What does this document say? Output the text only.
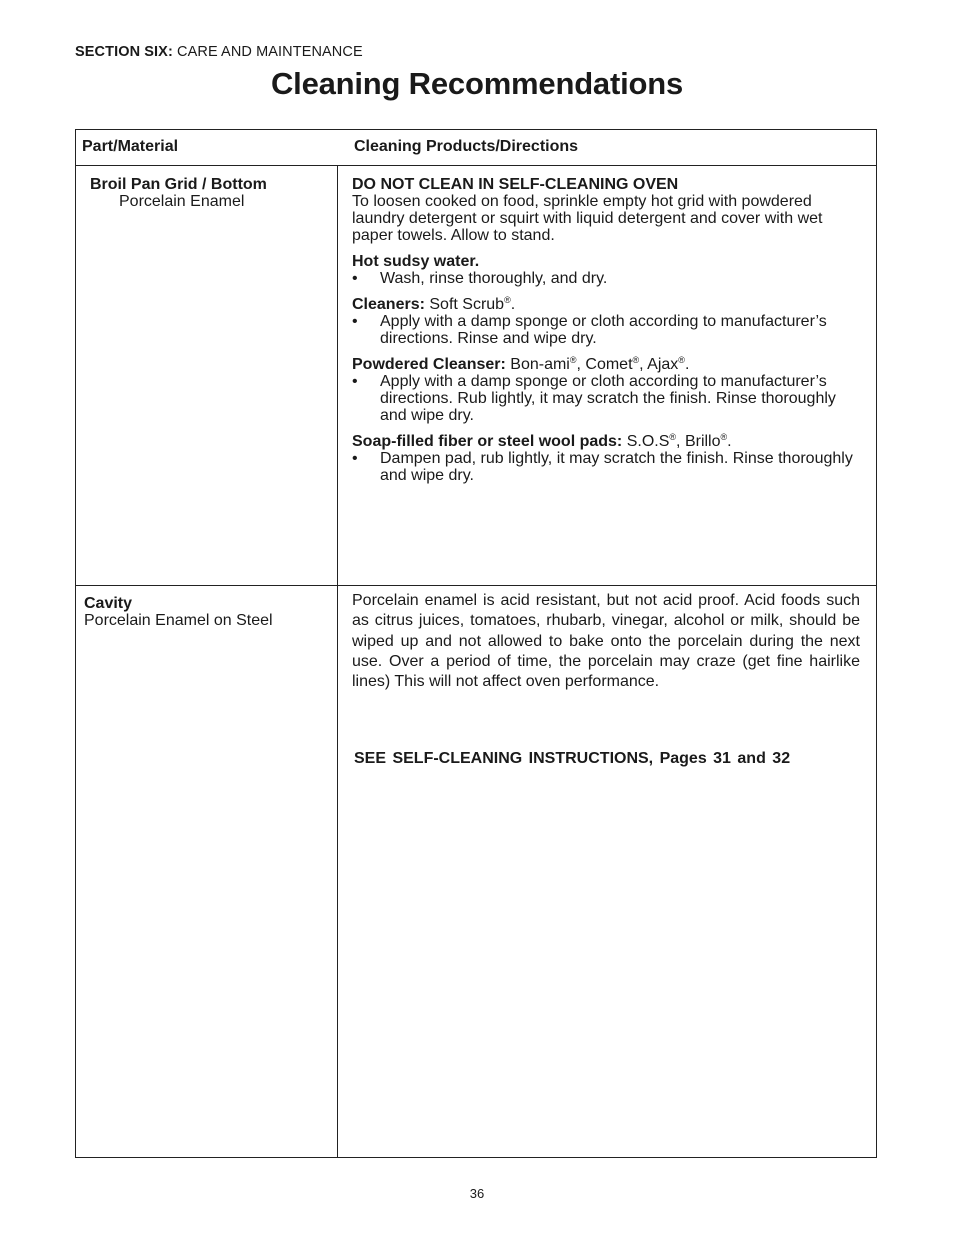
SECTION SIX: CARE AND MAINTENANCE
Cleaning Recommendations
Part/Material	Cleaning Products/Directions
Broil Pan Grid / Bottom
Porcelain Enamel
DO NOT CLEAN IN SELF-CLEANING OVEN
To loosen cooked on food, sprinkle empty hot grid with powdered laundry detergent or squirt with liquid detergent and cover with wet paper towels. Allow to stand.
Hot sudsy water.
• Wash, rinse thoroughly, and dry.
Cleaners: Soft Scrub®.
• Apply with a damp sponge or cloth according to manufacturer’s directions. Rinse and wipe dry.
Powdered Cleanser: Bon-ami®, Comet®, Ajax®.
• Apply with a damp sponge or cloth according to manufacturer’s directions. Rub lightly, it may scratch the finish. Rinse thoroughly and wipe dry.
Soap-filled fiber or steel wool pads: S.O.S®, Brillo®.
• Dampen pad, rub lightly, it may scratch the finish. Rinse thoroughly and wipe dry.
Cavity
Porcelain Enamel on Steel
Porcelain enamel is acid resistant, but not acid proof. Acid foods such as citrus juices, tomatoes, rhubarb, vinegar, alcohol or milk, should be wiped up and not allowed to bake onto the porcelain during the next use. Over a period of time, the porcelain may craze (get fine hairlike lines) This will not affect oven performance.
SEE SELF-CLEANING INSTRUCTIONS, Pages 31 and 32
36
